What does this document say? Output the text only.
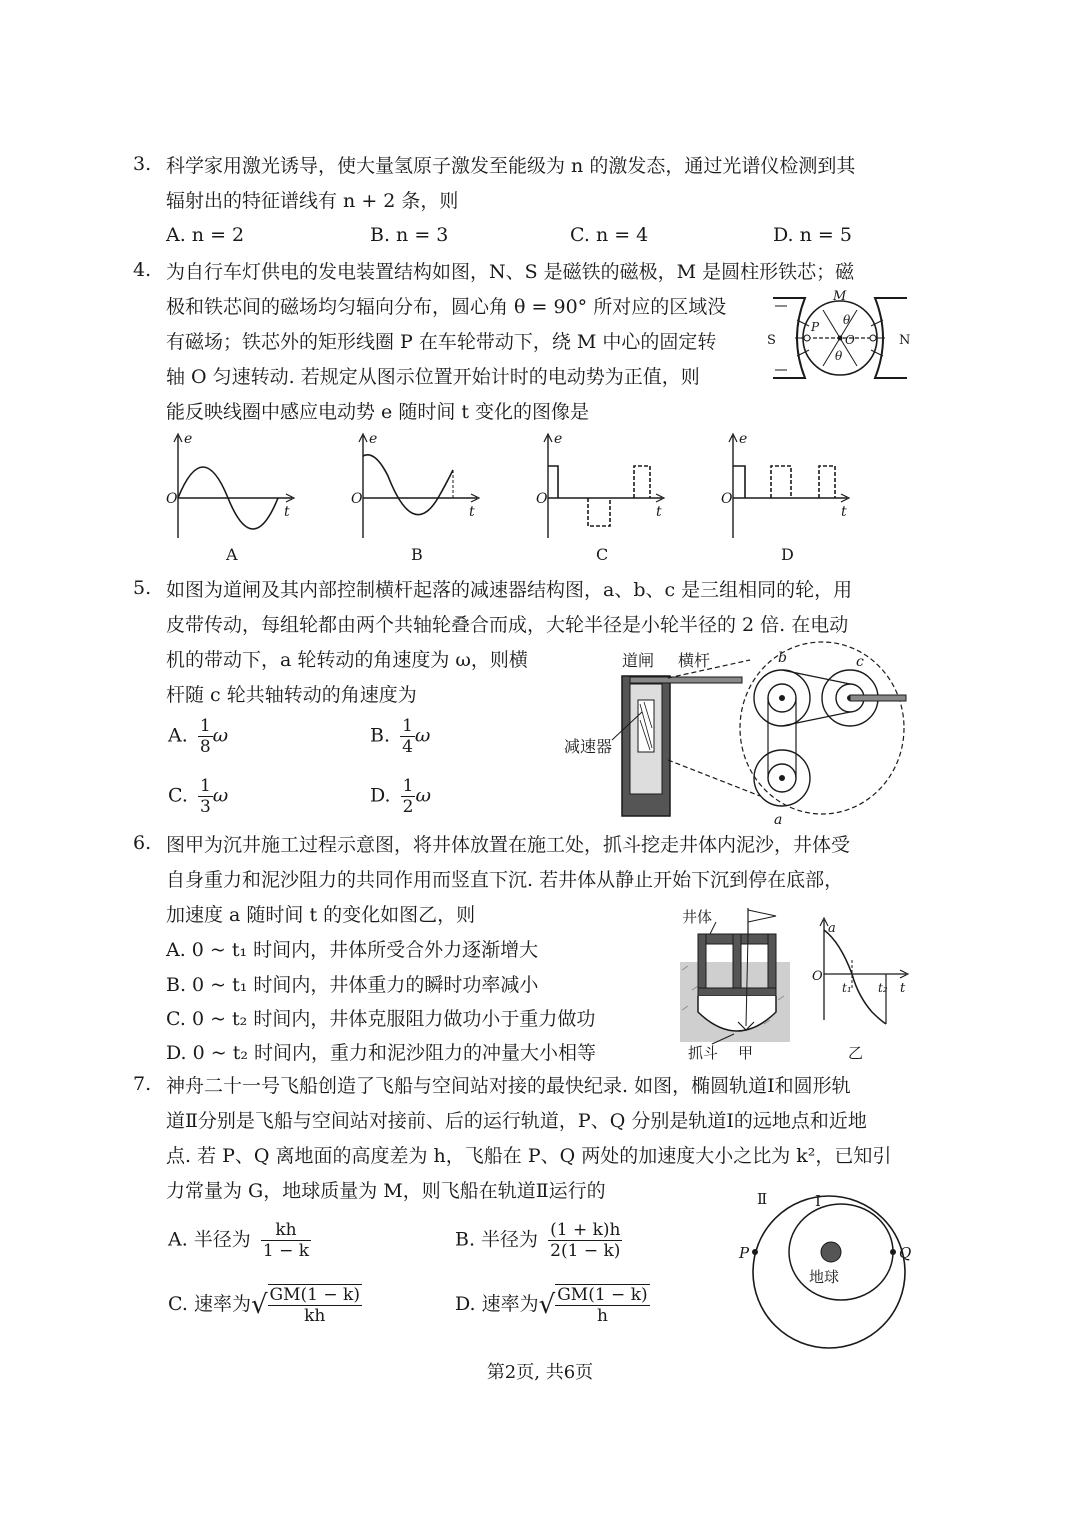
3. 科学家用激光诱导，使大量氢原子激发至能级为 n 的激发态，通过光谱仪检测到其
辐射出的特征谱线有 n + 2 条，则
A. n = 2	B. n = 3	C. n = 4	D. n = 5
4. 为自行车灯供电的发电装置结构如图，N、S 是磁铁的磁极，M 是圆柱形铁芯；磁
极和铁芯间的磁场均匀辐向分布，圆心角 θ = 90° 所对应的区域没
有磁场；铁芯外的矩形线圈 P 在车轮带动下，绕 M 中心的固定转
轴 O 匀速转动. 若规定从图示位置开始计时的电动势为正值，则
能反映线圈中感应电动势 e 随时间 t 变化的图像是
M
S	N
P θ
θ
O
e
O
t
A
e
O
t
B
e
O
t
C
e
O
t
D
5. 如图为道闸及其内部控制横杆起落的减速器结构图，a、b、c 是三组相同的轮，用
皮带传动，每组轮都由两个共轴轮叠合而成，大轮半径是小轮半径的 2 倍. 在电动
机的带动下，a 轮转动的角速度为 ω，则横
杆随 c 轮共轴转动的角速度为
A. $\frac{1}{8}$ ω	B. $\frac{1}{4}$ ω
C. $\frac{1}{3}$ ω	D. $\frac{1}{2}$ ω
道闸 横杆
减速器
b	c
a
6. 图甲为沉井施工过程示意图，将井体放置在施工处，抓斗挖走井体内泥沙，井体受
自身重力和泥沙阻力的共同作用而竖直下沉. 若井体从静止开始下沉到停在底部，
加速度 a 随时间 t 的变化如图乙，则
A. 0 ~ t₁ 时间内，井体所受合外力逐渐增大
B. 0 ~ t₁ 时间内，井体重力的瞬时功率减小
C. 0 ~ t₂ 时间内，井体克服阻力做功小于重力做功
D. 0 ~ t₂ 时间内，重力和泥沙阻力的冲量大小相等
井体
抓斗 甲
a
O
t₁ t₂ t
乙
7. 神舟二十一号飞船创造了飞船与空间站对接的最快纪录. 如图，椭圆轨道Ⅰ和圆形轨
道Ⅱ分别是飞船与空间站对接前、后的运行轨道，P、Q 分别是轨道Ⅰ的远地点和近地
点. 若 P、Q 离地面的高度差为 h，飞船在 P、Q 两处的加速度大小之比为 k²，已知引
力常量为 G，地球质量为 M，则飞船在轨道Ⅱ运行的
A. 半径为 $\frac{kh}{1 - k}$	B. 半径为 $\frac{(1 + k)h}{2(1 - k)}$
C. 速率为√ $\frac{GM(1 - k)}{kh}$	D. 速率为√ $\frac{GM(1 - k)}{h}$
Ⅱ	Ⅰ
P	Q
地球
第2页, 共6页
